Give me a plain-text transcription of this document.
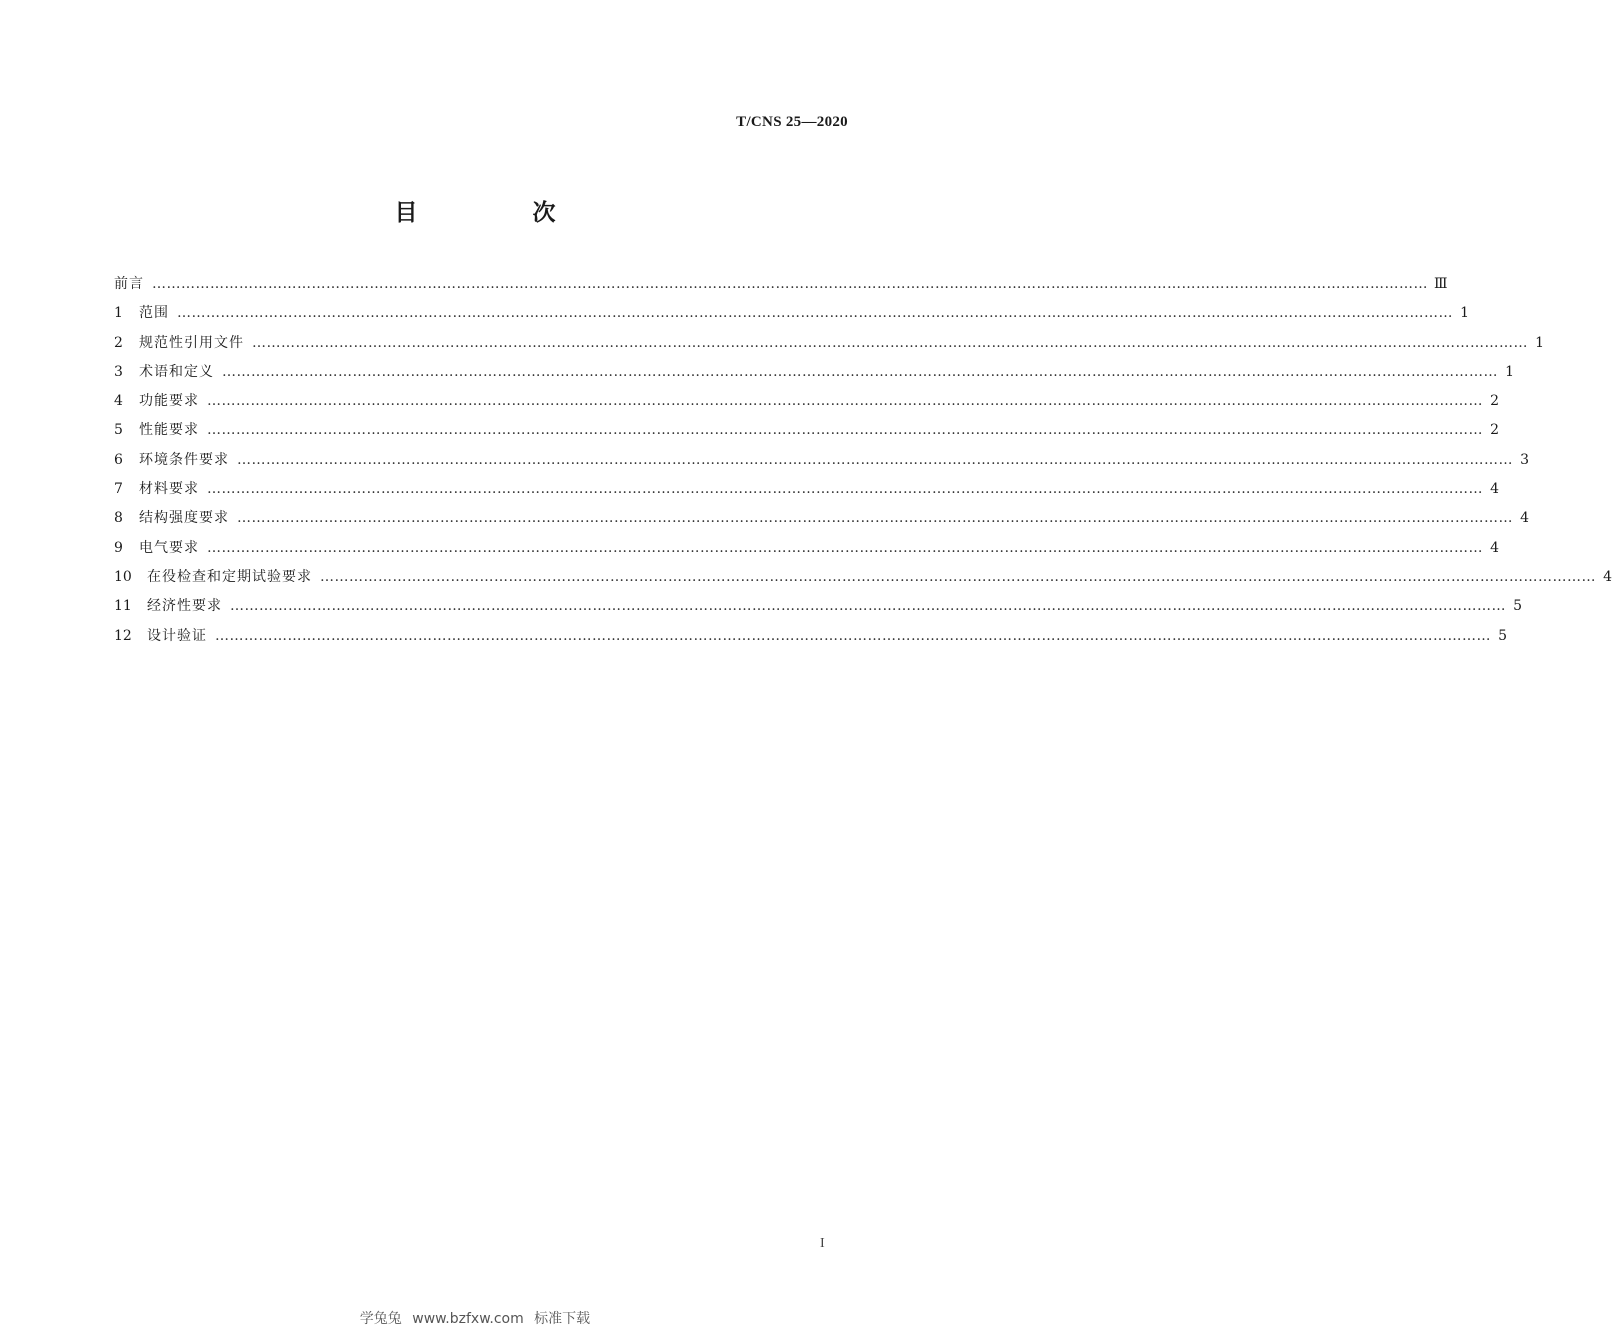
T/CNS 25—2020
目　次
前言 …………………………………………………………………………………………………………………………………………………………………………………………………………………………………………	Ⅲ
1	范围 …………………………………………………………………………………………………………………………………………………………………………………………………………………………………………	1
2	规范性引用文件 …………………………………………………………………………………………………………………………………………………………………………………………………………………………………………	1
3	术语和定义 …………………………………………………………………………………………………………………………………………………………………………………………………………………………………………	1
4	功能要求 …………………………………………………………………………………………………………………………………………………………………………………………………………………………………………	2
5	性能要求 …………………………………………………………………………………………………………………………………………………………………………………………………………………………………………	2
6	环境条件要求 …………………………………………………………………………………………………………………………………………………………………………………………………………………………………………	3
7	材料要求 …………………………………………………………………………………………………………………………………………………………………………………………………………………………………………	4
8	结构强度要求 …………………………………………………………………………………………………………………………………………………………………………………………………………………………………………	4
9	电气要求 …………………………………………………………………………………………………………………………………………………………………………………………………………………………………………	4
10	在役检查和定期试验要求 …………………………………………………………………………………………………………………………………………………………………………………………………………………………………………	4
11	经济性要求 …………………………………………………………………………………………………………………………………………………………………………………………………………………………………………	5
12	设计验证 …………………………………………………………………………………………………………………………………………………………………………………………………………………………………………	5
I
学兔兔 www.bzfxw.com 标准下载
